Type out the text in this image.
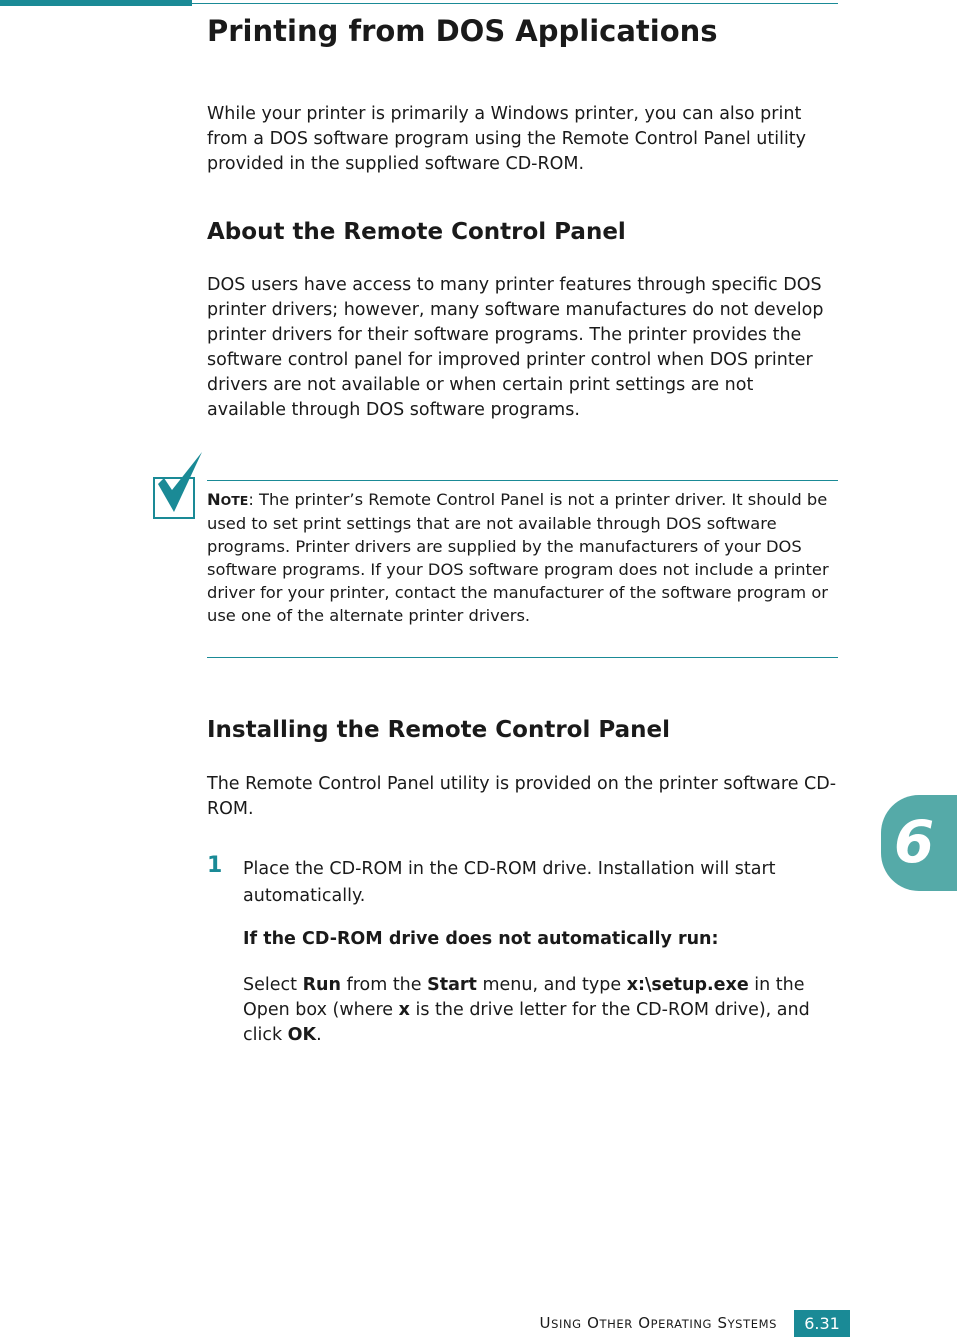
Printing from DOS Applications

While your printer is primarily a Windows printer, you can also print from a DOS software program using the Remote Control Panel utility provided in the supplied software CD-ROM.

About the Remote Control Panel

DOS users have access to many printer features through specific DOS printer drivers; however, many software manufactures do not develop printer drivers for their software programs. The printer provides the software control panel for improved printer control when DOS printer drivers are not available or when certain print settings are not available through DOS software programs.

NOTE: The printer’s Remote Control Panel is not a printer driver. It should be used to set print settings that are not available through DOS software programs. Printer drivers are supplied by the manufacturers of your DOS software programs. If your DOS software program does not include a printer driver for your printer, contact the manufacturer of the software program or use one of the alternate printer drivers.

Installing the Remote Control Panel

The Remote Control Panel utility is provided on the printer software CD-ROM.

1 Place the CD-ROM in the CD-ROM drive. Installation will start automatically.

If the CD-ROM drive does not automatically run:

Select Run from the Start menu, and type x:\setup.exe in the Open box (where x is the drive letter for the CD-ROM drive), and click OK.

6
USING OTHER OPERATING SYSTEMS	6.31
